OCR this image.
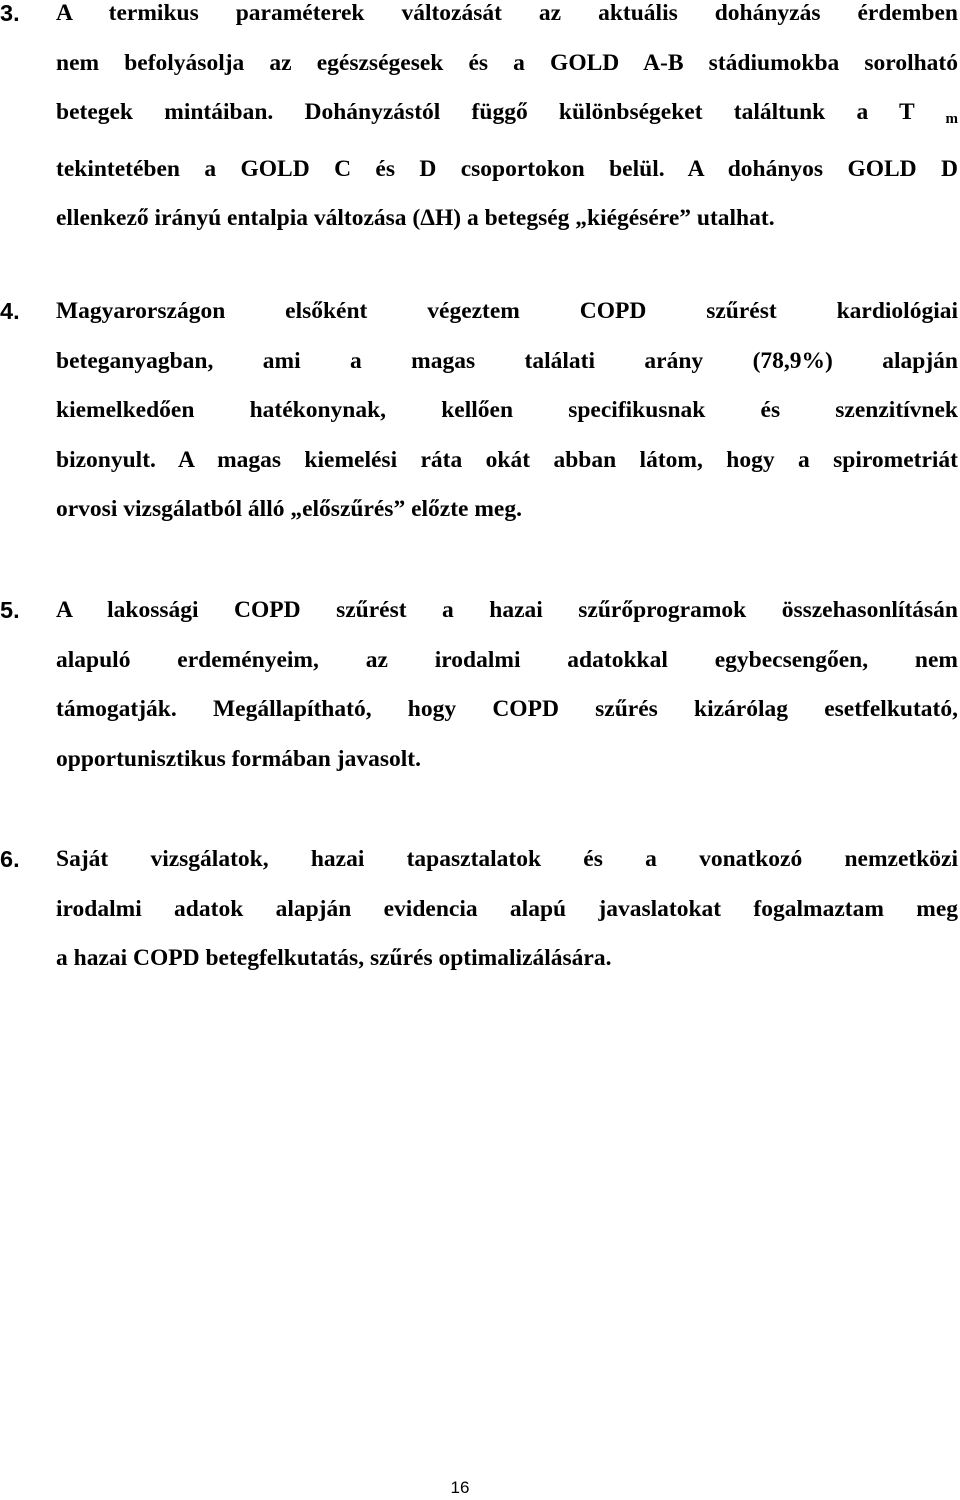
3. A termikus paraméterek változását az aktuális dohányzás érdemben
nem befolyásolja az egészségesek és a GOLD A-B stádiumokba sorolható
betegek mintáiban. Dohányzástól függő különbségeket találtunk a T $_m$
tekintetében a GOLD C és D csoportokon belül. A dohányos GOLD D
ellenkező irányú entalpia változása (ΔH) a betegség „kiégésére” utalhat.
4. Magyarországon elsőként végeztem COPD szűrést kardiológiai
beteganyagban, ami a magas találati arány (78,9%) alapján
kiemelkedően hatékonynak, kellően specifikusnak és szenzitívnek
bizonyult. A magas kiemelési ráta okát abban látom, hogy a spirometriát
orvosi vizsgálatból álló „előszűrés” előzte meg.
5. A lakossági COPD szűrést a hazai szűrőprogramok összehasonlításán
alapuló erdeményeim, az irodalmi adatokkal egybecsengően, nem
támogatják. Megállapítható, hogy COPD szűrés kizárólag esetfelkutató,
opportunisztikus formában javasolt.
6. Saját vizsgálatok, hazai tapasztalatok és a vonatkozó nemzetközi
irodalmi adatok alapján evidencia alapú javaslatokat fogalmaztam meg
a hazai COPD betegfelkutatás, szűrés optimalizálására.
16
